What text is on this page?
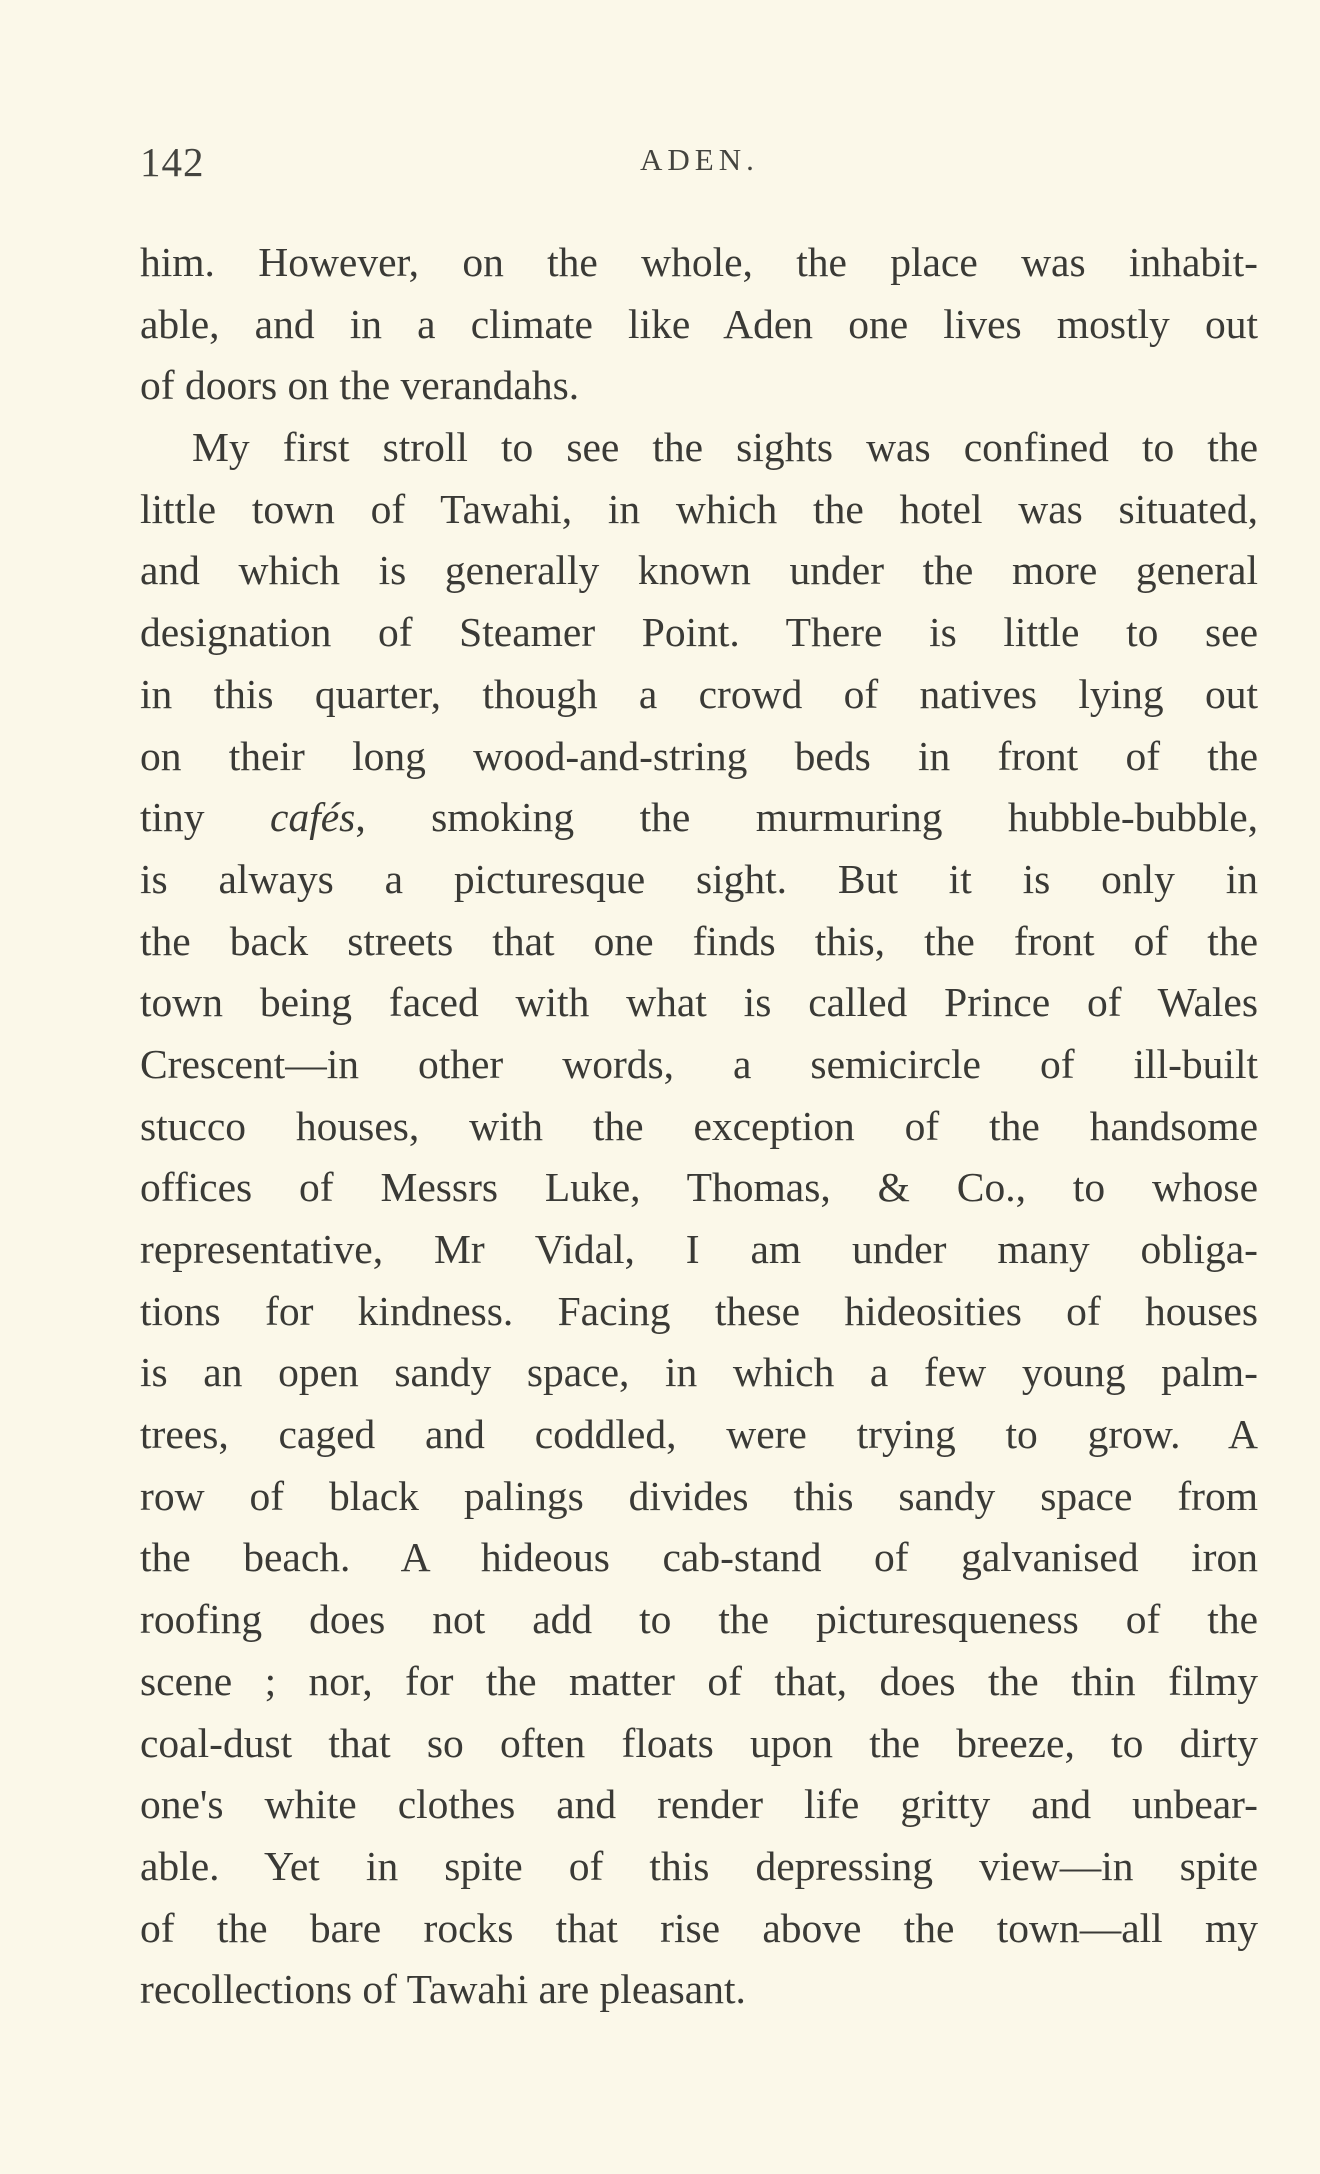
142	ADEN.
him. However, on the whole, the place was inhabit-
able, and in a climate like Aden one lives mostly out
of doors on the verandahs.
My first stroll to see the sights was confined to the
little town of Tawahi, in which the hotel was situated,
and which is generally known under the more general
designation of Steamer Point. There is little to see
in this quarter, though a crowd of natives lying out
on their long wood-and-string beds in front of the
tiny cafés, smoking the murmuring hubble-bubble,
is always a picturesque sight. But it is only in
the back streets that one finds this, the front of the
town being faced with what is called Prince of Wales
Crescent—in other words, a semicircle of ill-built
stucco houses, with the exception of the handsome
offices of Messrs Luke, Thomas, & Co., to whose
representative, Mr Vidal, I am under many obliga-
tions for kindness. Facing these hideosities of houses
is an open sandy space, in which a few young palm-
trees, caged and coddled, were trying to grow. A
row of black palings divides this sandy space from
the beach. A hideous cab-stand of galvanised iron
roofing does not add to the picturesqueness of the
scene ; nor, for the matter of that, does the thin filmy
coal-dust that so often floats upon the breeze, to dirty
one's white clothes and render life gritty and unbear-
able. Yet in spite of this depressing view—in spite
of the bare rocks that rise above the town—all my
recollections of Tawahi are pleasant.
